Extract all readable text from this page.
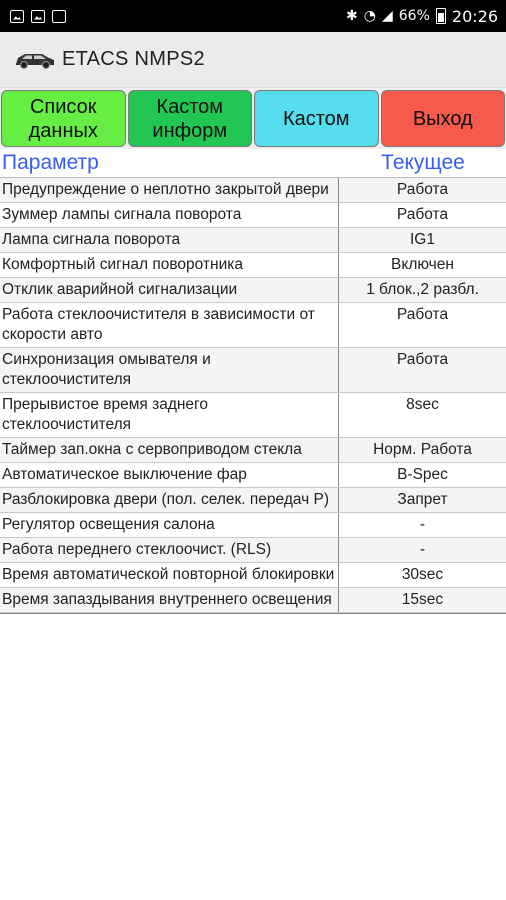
✱ ◔ ◢ 66% 20:26
ETACS NMPS2
Список
данных
Кастом
информ
Кастом	Выход
Параметр	Текущее
Предупреждение о неплотно закрытой двери	Работа
Зуммер лампы сигнала поворота	Работа
Лампа сигнала поворота	IG1
Комфортный сигнал поворотника	Включен
Отклик аварийной сигнализации	1 блок.,2 разбл.
Работа стеклоочистителя в зависимости от скорости авто	Работа
Синхронизация омывателя и стеклоочистителя	Работа
Прерывистое время заднего стеклоочистителя	8sec
Таймер зап.окна с сервоприводом стекла	Норм. Работа
Автоматическое выключение фар	B-Spec
Разблокировка двери (пол. селек. передач P)	Запрет
Регулятор освещения салона	-
Работа переднего стеклоочист. (RLS)	-
Время автоматической повторной блокировки	30sec
Время запаздывания внутреннего освещения	15sec
